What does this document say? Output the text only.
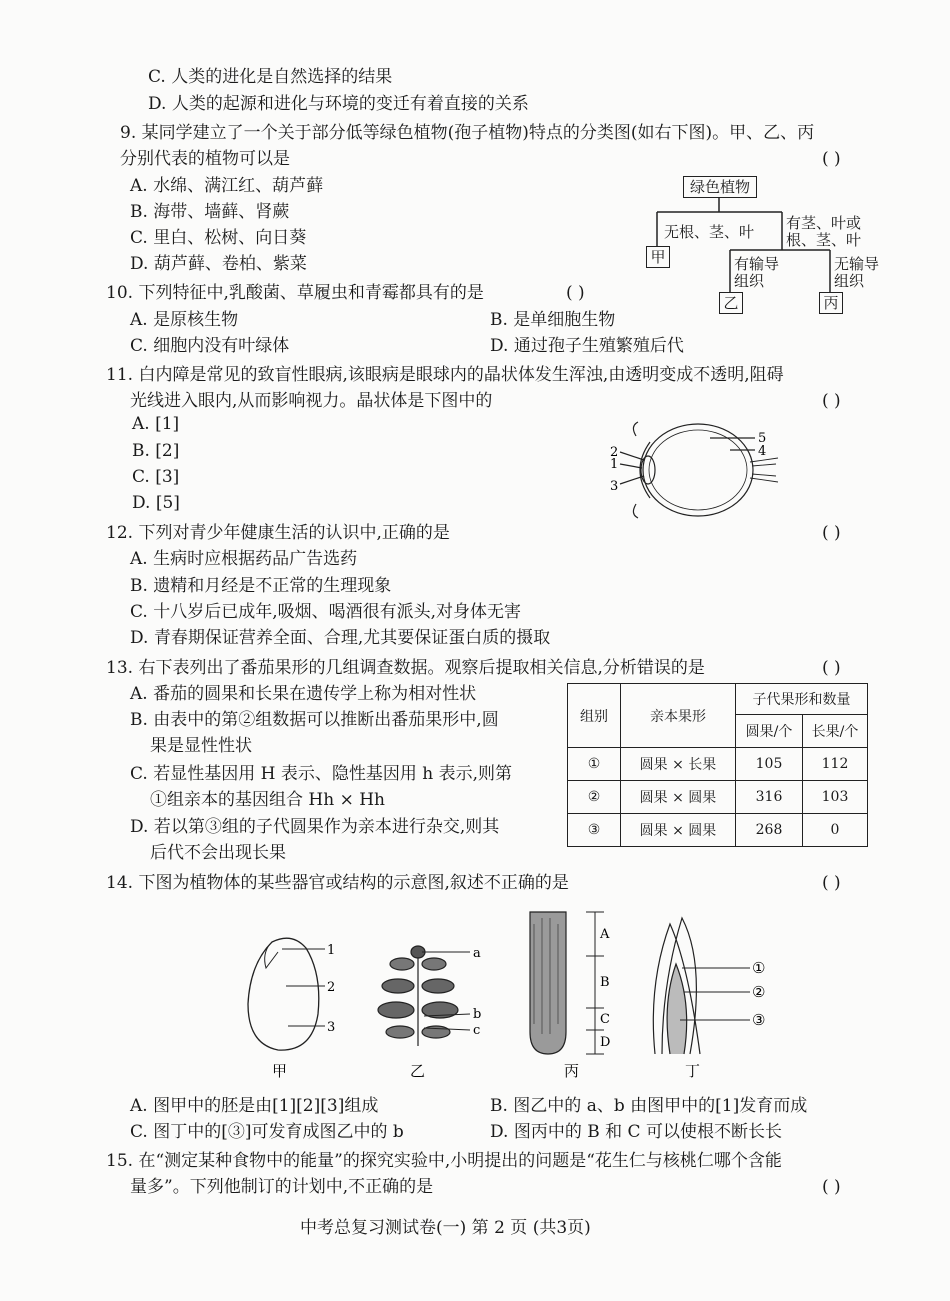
C. 人类的进化是自然选择的结果
D. 人类的起源和进化与环境的变迁有着直接的关系
9. 某同学建立了一个关于部分低等绿色植物(孢子植物)特点的分类图(如右下图)。甲、乙、丙
分别代表的植物可以是	( )
A. 水绵、满江红、葫芦藓
B. 海带、墙藓、肾蕨
C. 里白、松树、向日葵
D. 葫芦藓、卷柏、紫菜
10. 下列特征中,乳酸菌、草履虫和青霉都具有的是	( )
A. 是原核生物	B. 是单细胞生物
C. 细胞内没有叶绿体	D. 通过孢子生殖繁殖后代
11. 白内障是常见的致盲性眼病,该眼病是眼球内的晶状体发生浑浊,由透明变成不透明,阻碍
光线进入眼内,从而影响视力。晶状体是下图中的	( )
A. [1]
B. [2]
C. [3]
D. [5]
12. 下列对青少年健康生活的认识中,正确的是	( )
A. 生病时应根据药品广告选药
B. 遗精和月经是不正常的生理现象
C. 十八岁后已成年,吸烟、喝酒很有派头,对身体无害
D. 青春期保证营养全面、合理,尤其要保证蛋白质的摄取
13. 右下表列出了番茄果形的几组调查数据。观察后提取相关信息,分析错误的是	( )
A. 番茄的圆果和长果在遗传学上称为相对性状
B. 由表中的第②组数据可以推断出番茄果形中,圆
果是显性性状
C. 若显性基因用 H 表示、隐性基因用 h 表示,则第
①组亲本的基因组合 Hh × Hh
D. 若以第③组的子代圆果作为亲本进行杂交,则其
后代不会出现长果
14. 下图为植物体的某些器官或结构的示意图,叙述不正确的是	( )
A. 图甲中的胚是由[1][2][3]组成	B. 图乙中的 a、b 由图甲中的[1]发育而成
C. 图丁中的[③]可发育成图乙中的 b	D. 图丙中的 B 和 C 可以使根不断长长
15. 在“测定某种食物中的能量”的探究实验中,小明提出的问题是“花生仁与核桃仁哪个含能
量多”。下列他制订的计划中,不正确的是	( )
绿色植物
无根、茎、叶 有茎、叶或
根、茎、叶
甲	有输导
组织
无输导
组织
乙	丙
2
1
3
5
4
组别	亲本果形	子代果形和数量	
		圆果/个	长果/个
①	圆果 × 长果	105	112
②	圆果 × 圆果	316	103
③	圆果 × 圆果	268	0
1
2
3
甲
a
b
c
乙
A
B
C
D
丙
①
②
③
丁
中考总复习测试卷(一) 第 2 页 (共3页)
